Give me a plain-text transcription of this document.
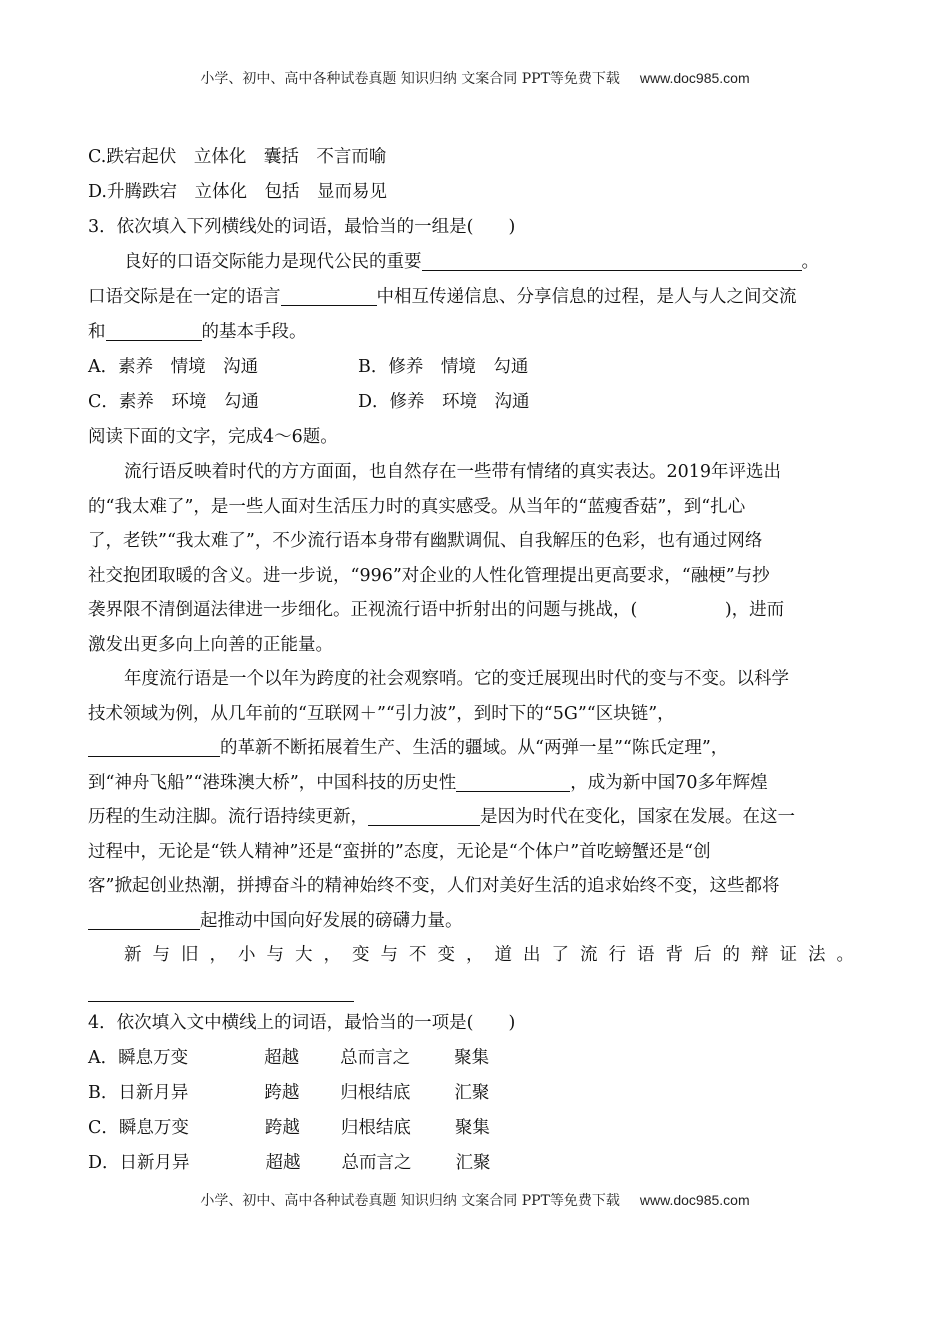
小学、初中、高中各种试卷真题 知识归纳 文案合同 PPT等免费下载 www.doc985.com
C.跌宕起伏　立体化　囊括　不言而喻
D.升腾跌宕　立体化　包括　显而易见
3．依次填入下列横线处的词语，最恰当的一组是(　　)
良好的口语交际能力是现代公民的重要	。
口语交际是在一定的语言	中相互传递信息、分享信息的过程，是人与人之间交流
和	的基本手段。
A．素养　情境　沟通	B．修养　情境　勾通
C．素养　环境　勾通	D．修养　环境　沟通
阅读下面的文字，完成4～6题。
流行语反映着时代的方方面面，也自然存在一些带有情绪的真实表达。2019年评选出
的“我太难了”，是一些人面对生活压力时的真实感受。从当年的“蓝瘦香菇”，到“扎心
了，老铁”“我太难了”，不少流行语本身带有幽默调侃、自我解压的色彩，也有通过网络
社交抱团取暖的含义。进一步说，“996”对企业的人性化管理提出更高要求，“融梗”与抄
袭界限不清倒逼法律进一步细化。正视流行语中折射出的问题与挑战，(　　　　　)，进而
激发出更多向上向善的正能量。
年度流行语是一个以年为跨度的社会观察哨。它的变迁展现出时代的变与不变。以科学
技术领域为例，从几年前的“互联网＋”“引力波”，到时下的“5G”“区块链”，
的革新不断拓展着生产、生活的疆域。从“两弹一星”“陈氏定理”，
到“神舟飞船”“港珠澳大桥”，中国科技的历史性	，成为新中国70多年辉煌
历程的生动注脚。流行语持续更新，	是因为时代在变化，国家在发展。在这一
过程中，无论是“铁人精神”还是“蛮拼的”态度，无论是“个体户”首吃螃蟹还是“创
客”掀起创业热潮，拼搏奋斗的精神始终不变，人们对美好生活的追求始终不变，这些都将
起推动中国向好发展的磅礴力量。
新与旧，小与大，变与不变，道出了流行语背后的辩证法。
4．依次填入文中横线上的词语，最恰当的一项是(　　)
A．瞬息万变	超越 总而言之	聚集
B．日新月异	跨越 归根结底	汇聚
C．瞬息万变	跨越 归根结底	聚集
D．日新月异	超越 总而言之	汇聚
小学、初中、高中各种试卷真题 知识归纳 文案合同 PPT等免费下载 www.doc985.com
